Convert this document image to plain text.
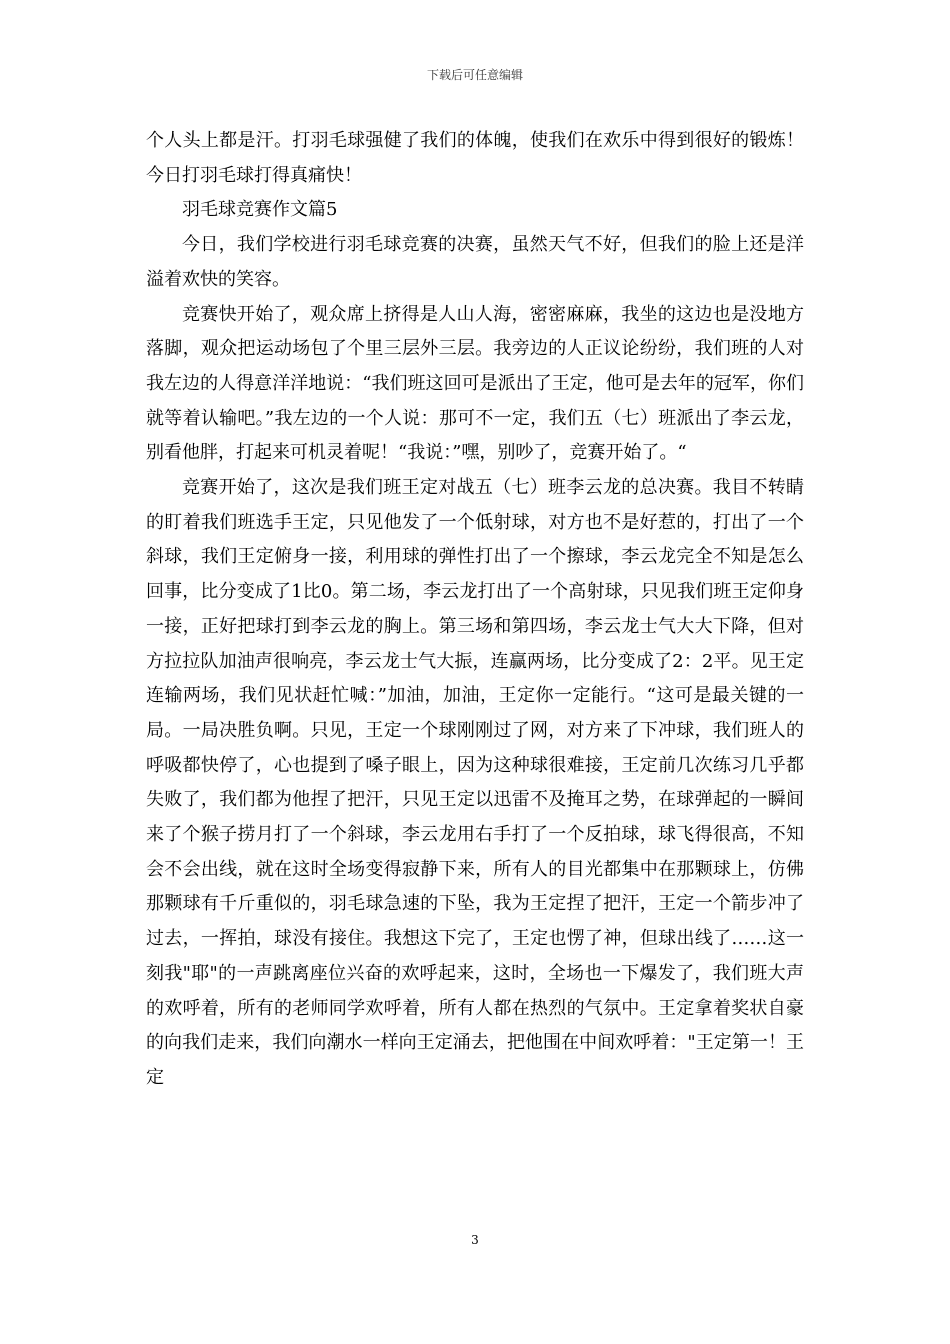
下载后可任意编辑

个人头上都是汗。打羽毛球强健了我们的体魄，使我们在欢乐中得到很好的锻炼！今日打羽毛球打得真痛快！

羽毛球竞赛作文篇5

今日，我们学校进行羽毛球竞赛的决赛，虽然天气不好，但我们的脸上还是洋溢着欢快的笑容。

竞赛快开始了，观众席上挤得是人山人海，密密麻麻，我坐的这边也是没地方落脚，观众把运动场包了个里三层外三层。我旁边的人正议论纷纷，我们班的人对我左边的人得意洋洋地说：“我们班这回可是派出了王定，他可是去年的冠军，你们就等着认输吧。”我左边的一个人说：那可不一定，我们五（七）班派出了李云龙，别看他胖，打起来可机灵着呢！“我说：”嘿，别吵了，竞赛开始了。“

竞赛开始了，这次是我们班王定对战五（七）班李云龙的总决赛。我目不转睛的盯着我们班选手王定，只见他发了一个低射球，对方也不是好惹的，打出了一个斜球，我们王定俯身一接，利用球的弹性打出了一个擦球，李云龙完全不知是怎么回事，比分变成了1比0。第二场，李云龙打出了一个高射球，只见我们班王定仰身一接，正好把球打到李云龙的胸上。第三场和第四场，李云龙士气大大下降，但对方拉拉队加油声很响亮，李云龙士气大振，连赢两场，比分变成了2：2平。见王定连输两场，我们见状赶忙喊：”加油，加油，王定你一定能行。“这可是最关键的一局。一局决胜负啊。只见，王定一个球刚刚过了网，对方来了下冲球，我们班人的呼吸都快停了，心也提到了嗓子眼上，因为这种球很难接，王定前几次练习几乎都失败了，我们都为他捏了把汗，只见王定以迅雷不及掩耳之势，在球弹起的一瞬间来了个猴子捞月打了一个斜球，李云龙用右手打了一个反拍球，球飞得很高，不知会不会出线，就在这时全场变得寂静下来，所有人的目光都集中在那颗球上，仿佛那颗球有千斤重似的，羽毛球急速的下坠，我为王定捏了把汗，王定一个箭步冲了过去，一挥拍，球没有接住。我想这下完了，王定也愣了神，但球出线了……这一刻我"耶"的一声跳离座位兴奋的欢呼起来，这时，全场也一下爆发了，我们班大声的欢呼着，所有的老师同学欢呼着，所有人都在热烈的气氛中。王定拿着奖状自豪的向我们走来，我们向潮水一样向王定涌去，把他围在中间欢呼着："王定第一！王定

3
